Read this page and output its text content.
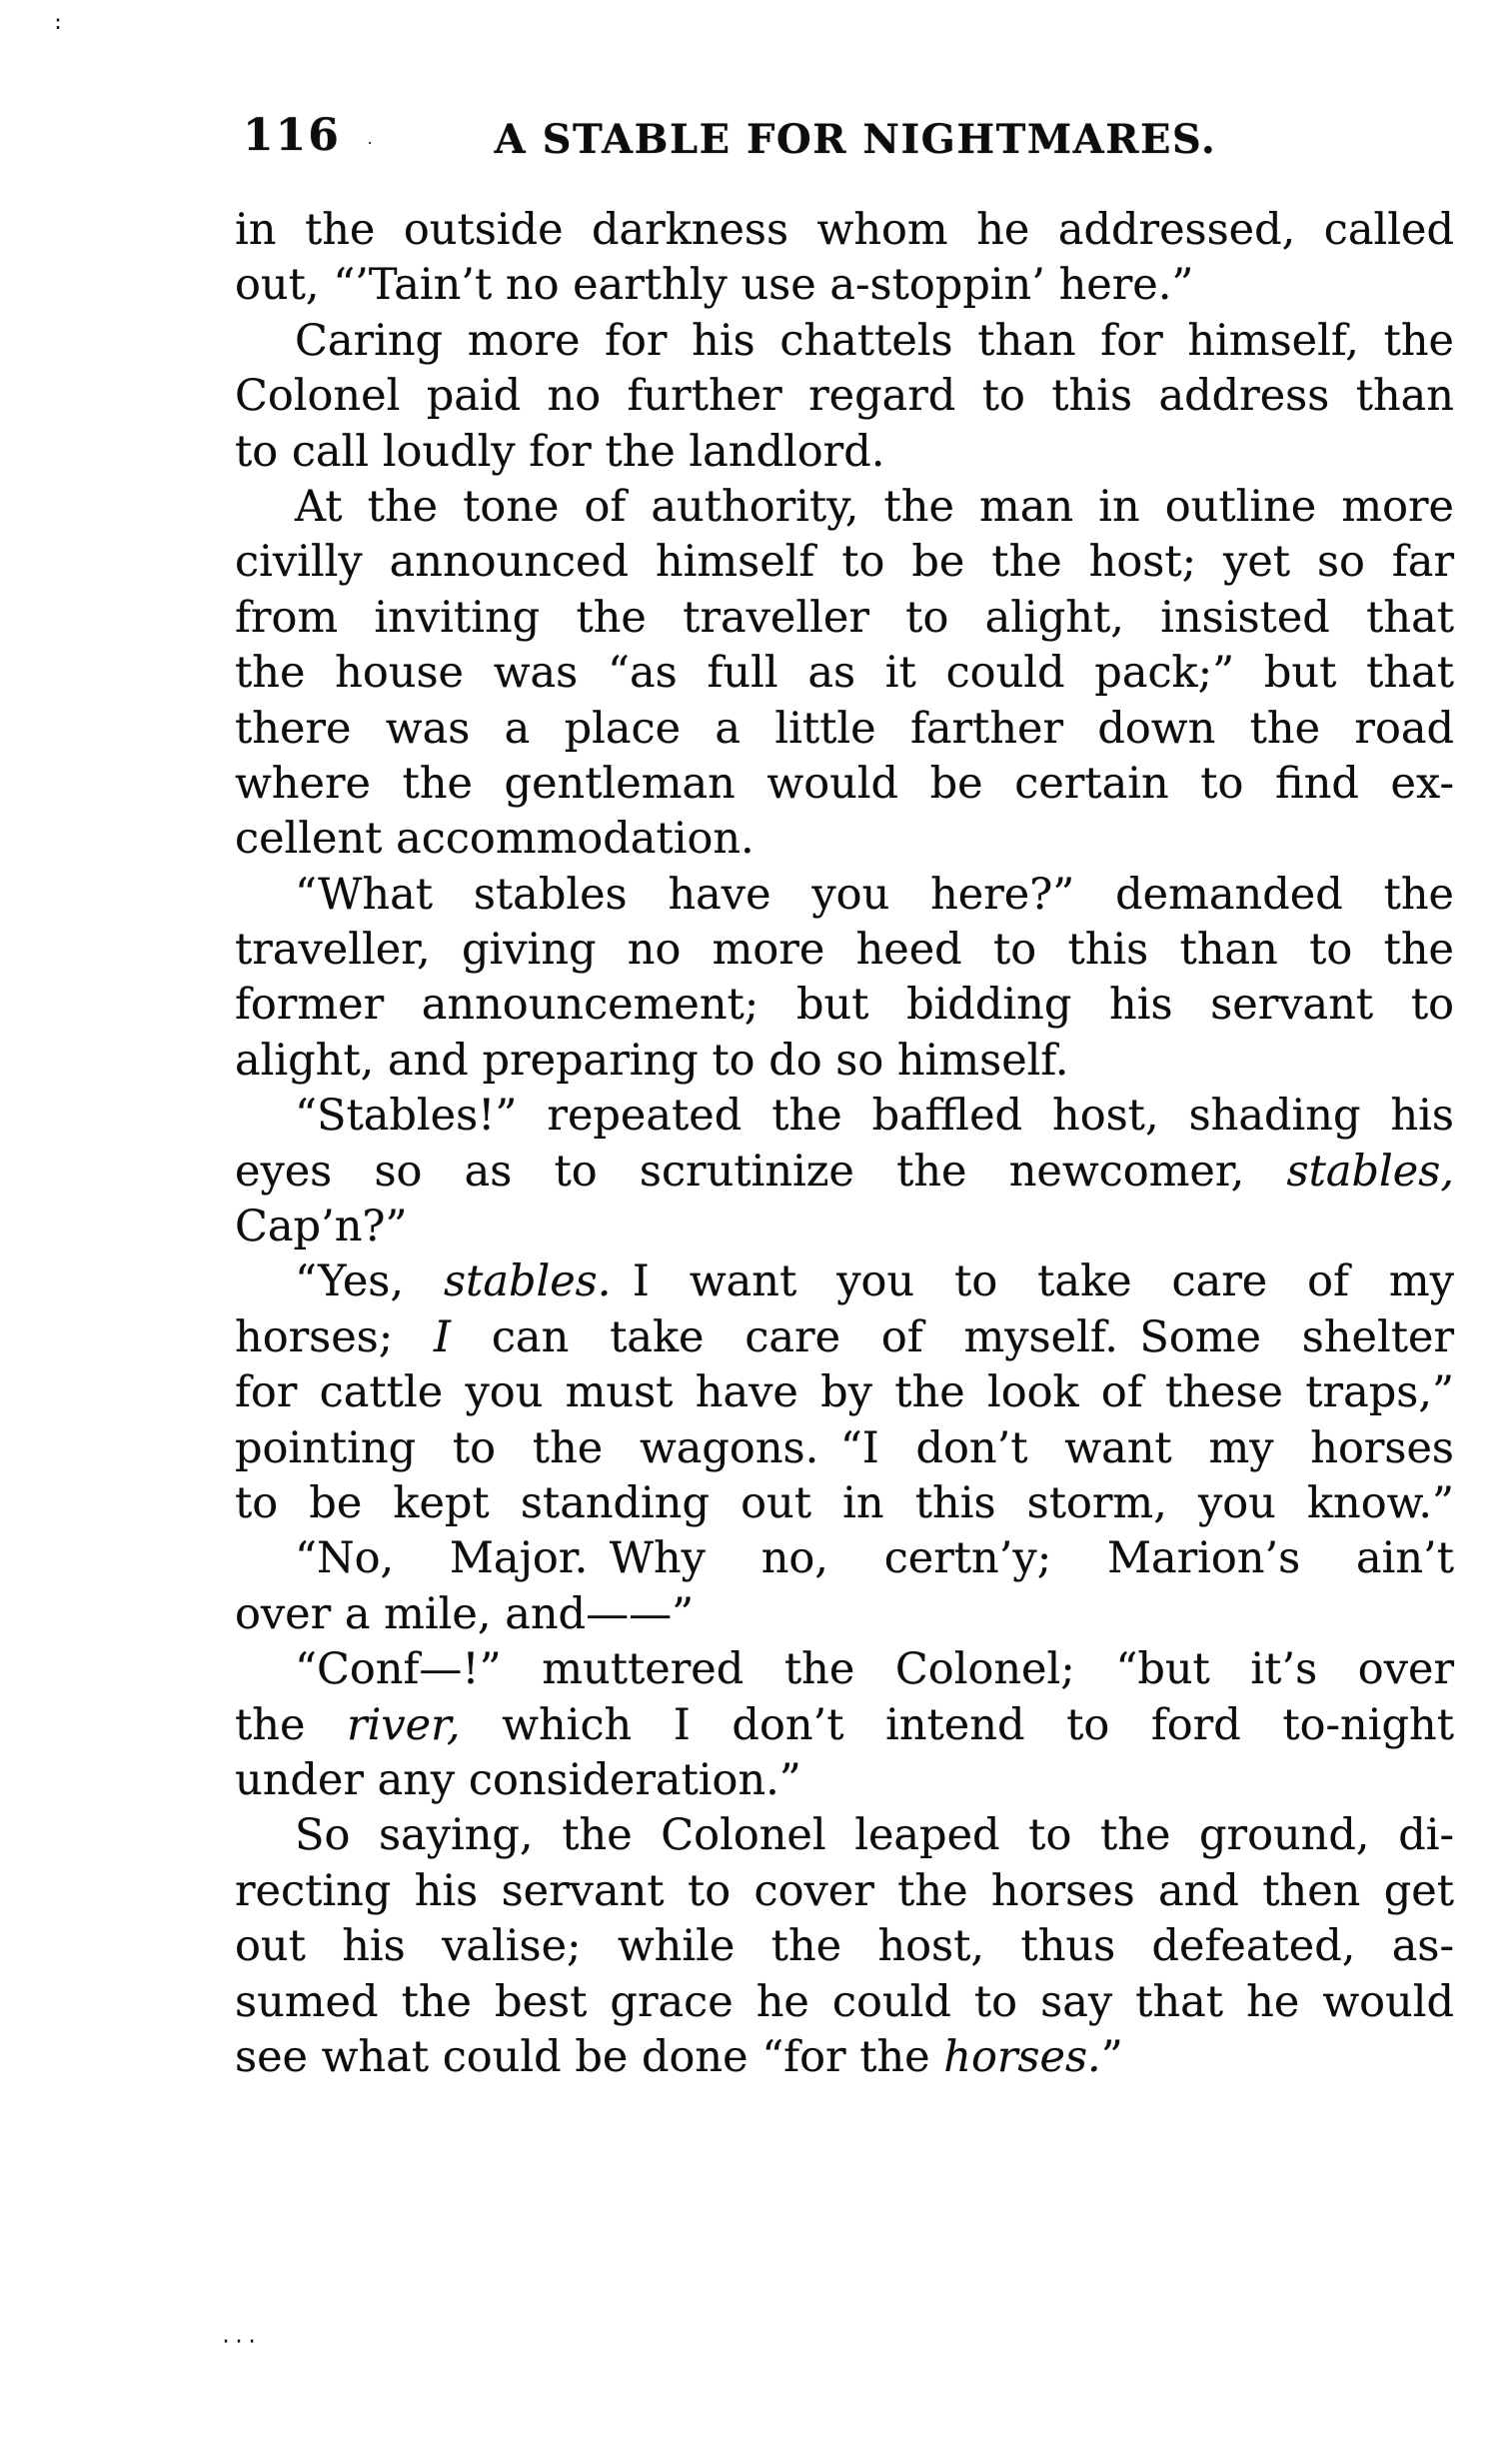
116	A STABLE FOR NIGHTMARES.
in the outside darkness whom he addressed, called
out, “’Tain’t no earthly use a-stoppin’ here.”
Caring more for his chattels than for himself, the
Colonel paid no further regard to this address than
to call loudly for the landlord.
At the tone of authority, the man in outline more
civilly announced himself to be the host; yet so far
from inviting the traveller to alight, insisted that
the house was “as full as it could pack;” but that
there was a place a little farther down the road
where the gentleman would be certain to find ex-
cellent accommodation.
“What stables have you here?” demanded the
traveller, giving no more heed to this than to the
former announcement; but bidding his servant to
alight, and preparing to do so himself.
“Stables!” repeated the baffled host, shading his
eyes so as to scrutinize the newcomer, stables,
Cap’n?”
“Yes, stables. I want you to take care of my
horses; I can take care of myself. Some shelter
for cattle you must have by the look of these traps,”
pointing to the wagons. “I don’t want my horses
to be kept standing out in this storm, you know.”
“No, Major. Why no, certn’y; Marion’s ain’t
over a mile, and——”
“Conf—!” muttered the Colonel; “but it’s over
the river, which I don’t intend to ford to-night
under any consideration.”
So saying, the Colonel leaped to the ground, di-
recting his servant to cover the horses and then get
out his valise; while the host, thus defeated, as-
sumed the best grace he could to say that he would
see what could be done “for the horses.”
:
·
···
